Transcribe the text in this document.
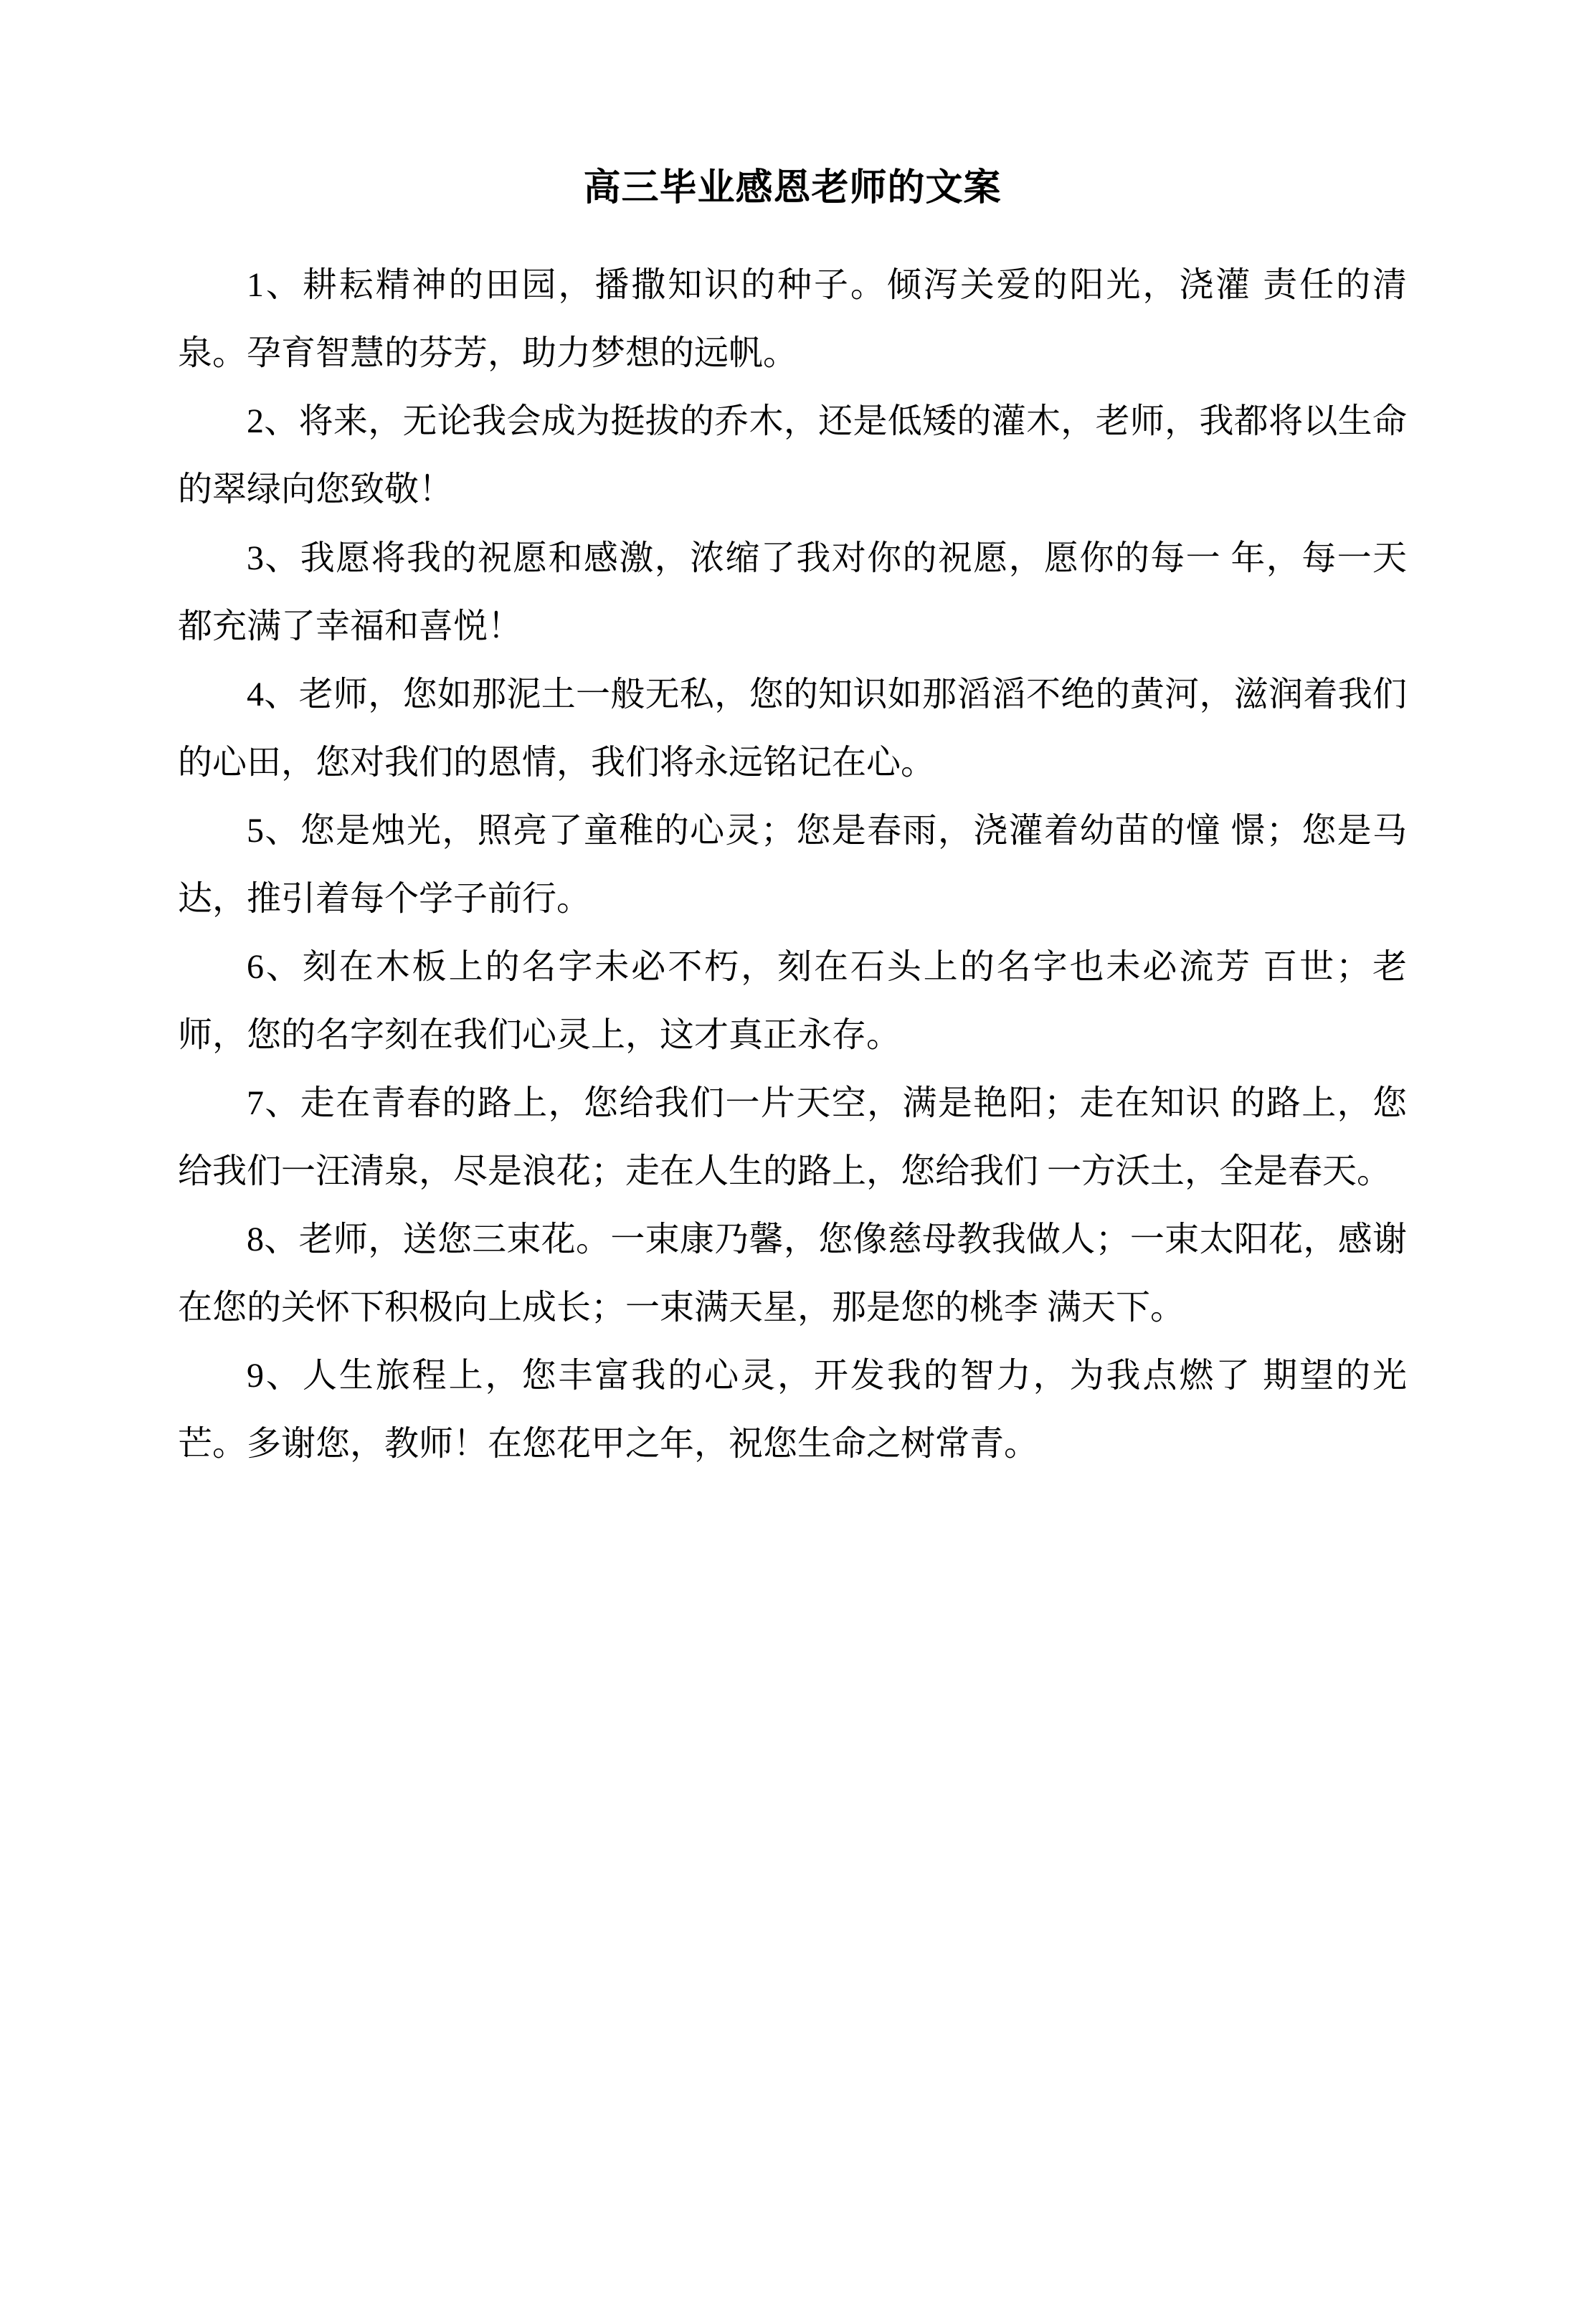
高三毕业感恩老师的文案

1、耕耘精神的田园，播撒知识的种子。倾泻关爱的阳光，浇灌 责任的清泉。孕育智慧的芬芳，助力梦想的远帆。

2、将来，无论我会成为挺拔的乔木，还是低矮的灌木，老师，我都将以生命的翠绿向您致敬！

3、我愿将我的祝愿和感激，浓缩了我对你的祝愿，愿你的每一 年，每一天都充满了幸福和喜悦！

4、老师，您如那泥土一般无私，您的知识如那滔滔不绝的黄河，滋润着我们的心田，您对我们的恩情，我们将永远铭记在心。

5、您是烛光，照亮了童稚的心灵；您是春雨，浇灌着幼苗的憧 憬；您是马达，推引着每个学子前行。

6、刻在木板上的名字未必不朽，刻在石头上的名字也未必流芳 百世；老师，您的名字刻在我们心灵上，这才真正永存。

7、走在青春的路上，您给我们一片天空，满是艳阳；走在知识 的路上，您给我们一汪清泉，尽是浪花；走在人生的路上，您给我们 一方沃土，全是春天。

8、老师，送您三束花。一束康乃馨，您像慈母教我做人；一束太阳花，感谢在您的关怀下积极向上成长；一束满天星，那是您的桃李 满天下。

9、人生旅程上，您丰富我的心灵，开发我的智力，为我点燃了 期望的光芒。多谢您，教师！在您花甲之年，祝您生命之树常青。
